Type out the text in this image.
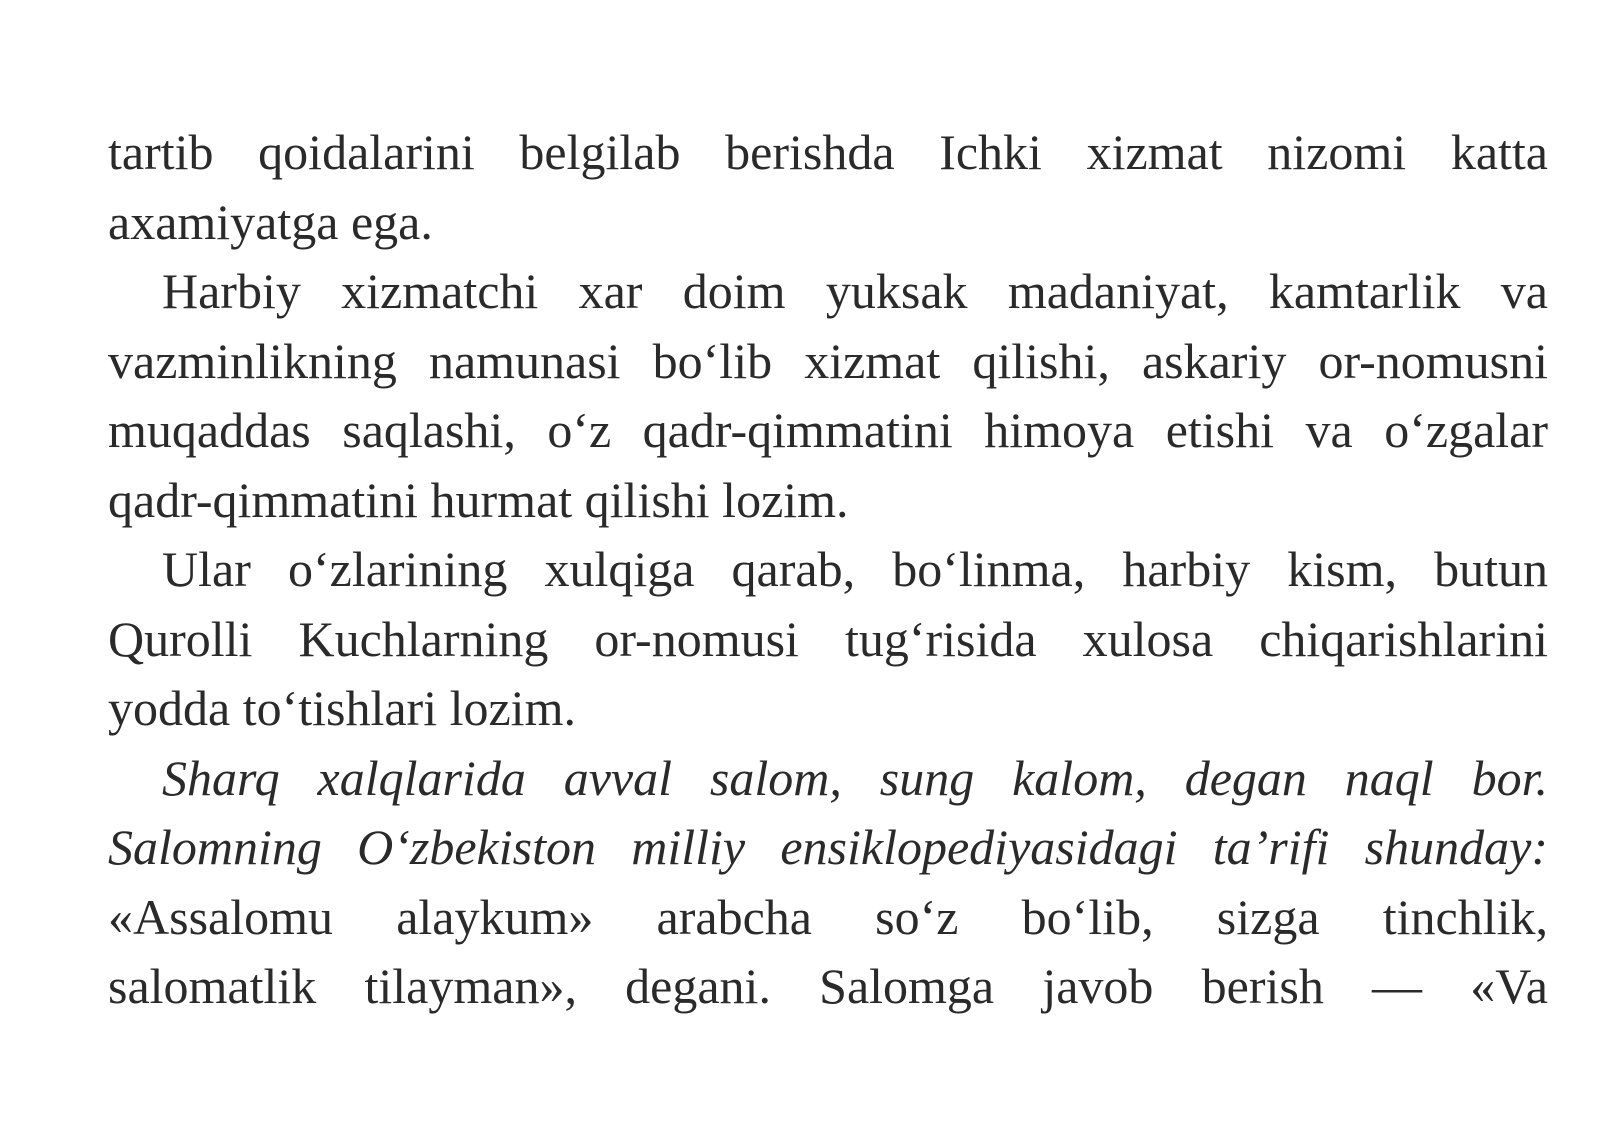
tartib qoidalarini belgilab berishda Ichki xizmat nizomi katta
axamiyatga ega.
Harbiy xizmatchi xar doim yuksak madaniyat, kamtarlik va
vazminlikning namunasi bo‘lib xizmat qilishi, askariy or-nomusni
muqaddas saqlashi, o‘z qadr-qimmatini himoya etishi va o‘zgalar
qadr-qimmatini hurmat qilishi lozim.
Ular o‘zlarining xulqiga qarab, bo‘linma, harbiy kism, butun
Qurolli Kuchlarning or-nomusi tug‘risida xulosa chiqarishlarini
yodda to‘tishlari lozim.
Sharq xalqlarida avval salom, sung kalom, degan naql bor.
Salomning O‘zbekiston milliy ensiklopediyasidagi ta’rifi shunday:
«Assalomu alaykum» arabcha so‘z bo‘lib, sizga tinchlik,
salomatlik tilayman», degani. Salomga javob berish — «Va
